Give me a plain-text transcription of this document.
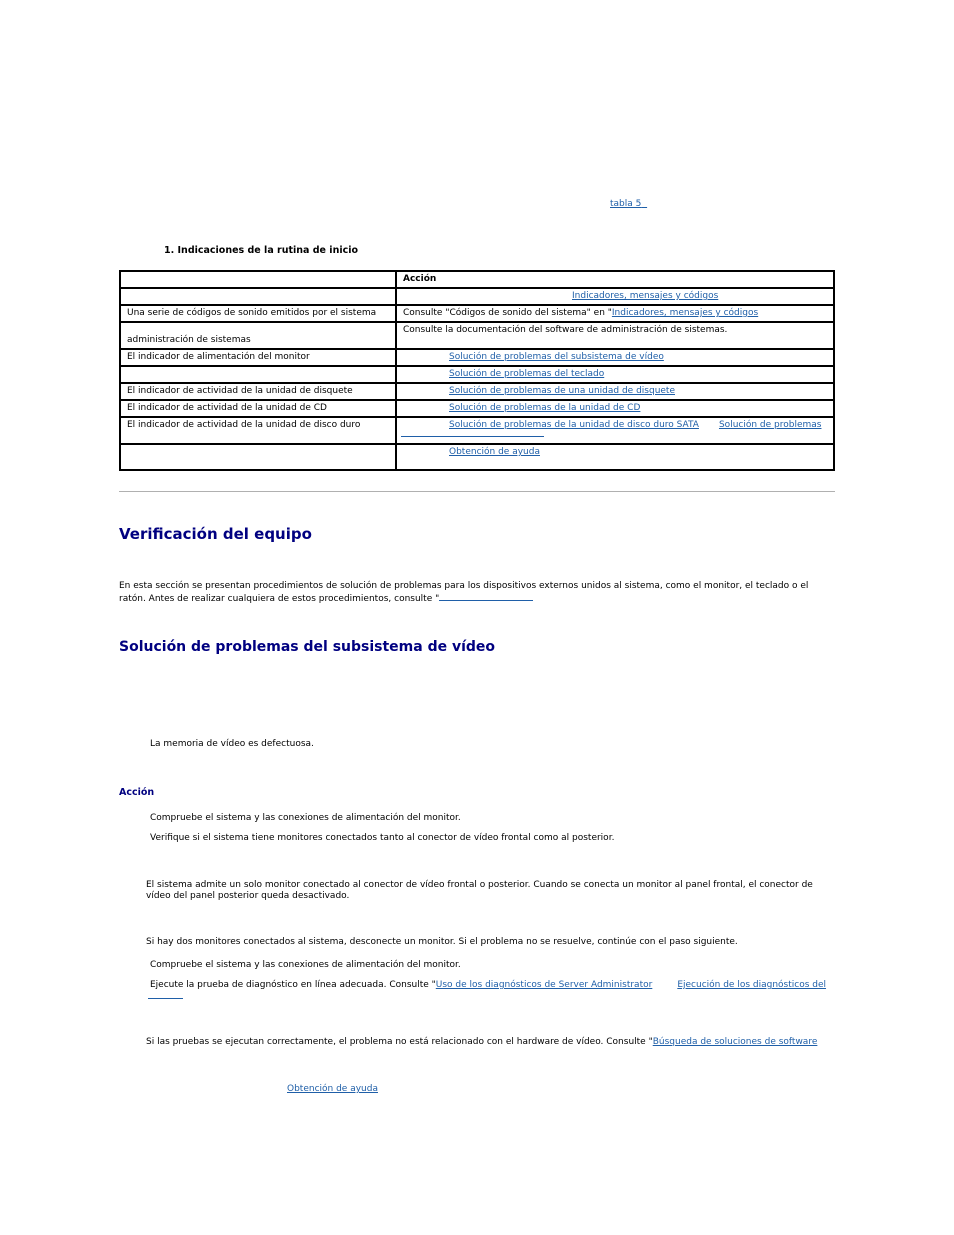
tabla 5
1. Indicaciones de la rutina de inicio
	Acción
	Indicadores, mensajes y códigos
Una serie de códigos de sonido emitidos por el sistema	Consulte "Códigos de sonido del sistema" en "Indicadores, mensajes y códigos
administración de sistemas	Consulte la documentación del software de administración de sistemas.
El indicador de alimentación del monitor	Solución de problemas del subsistema de vídeo
	Solución de problemas del teclado
El indicador de actividad de la unidad de disquete	Solución de problemas de una unidad de disquete
El indicador de actividad de la unidad de CD	Solución de problemas de la unidad de CD
El indicador de actividad de la unidad de disco duro	Solución de problemas de la unidad de disco duro SATA Solución de problemas

	Obtención de ayuda
Verificación del equipo
En esta sección se presentan procedimientos de solución de problemas para los dispositivos externos unidos al sistema, como el monitor, el teclado o el ratón. Antes de realizar cualquiera de estos procedimientos, consulte "
Solución de problemas del subsistema de vídeo
La memoria de vídeo es defectuosa.
Acción
Compruebe el sistema y las conexiones de alimentación del monitor.
Verifique si el sistema tiene monitores conectados tanto al conector de vídeo frontal como al posterior.
El sistema admite un solo monitor conectado al conector de vídeo frontal o posterior. Cuando se conecta un monitor al panel frontal, el conector de vídeo del panel posterior queda desactivado.
Si hay dos monitores conectados al sistema, desconecte un monitor. Si el problema no se resuelve, continúe con el paso siguiente.
Compruebe el sistema y las conexiones de alimentación del monitor.
Ejecute la prueba de diagnóstico en línea adecuada. Consulte "Uso de los diagnósticos de Server Administrator	Ejecución de los diagnósticos del
Si las pruebas se ejecutan correctamente, el problema no está relacionado con el hardware de vídeo. Consulte "Búsqueda de soluciones de software
Obtención de ayuda
